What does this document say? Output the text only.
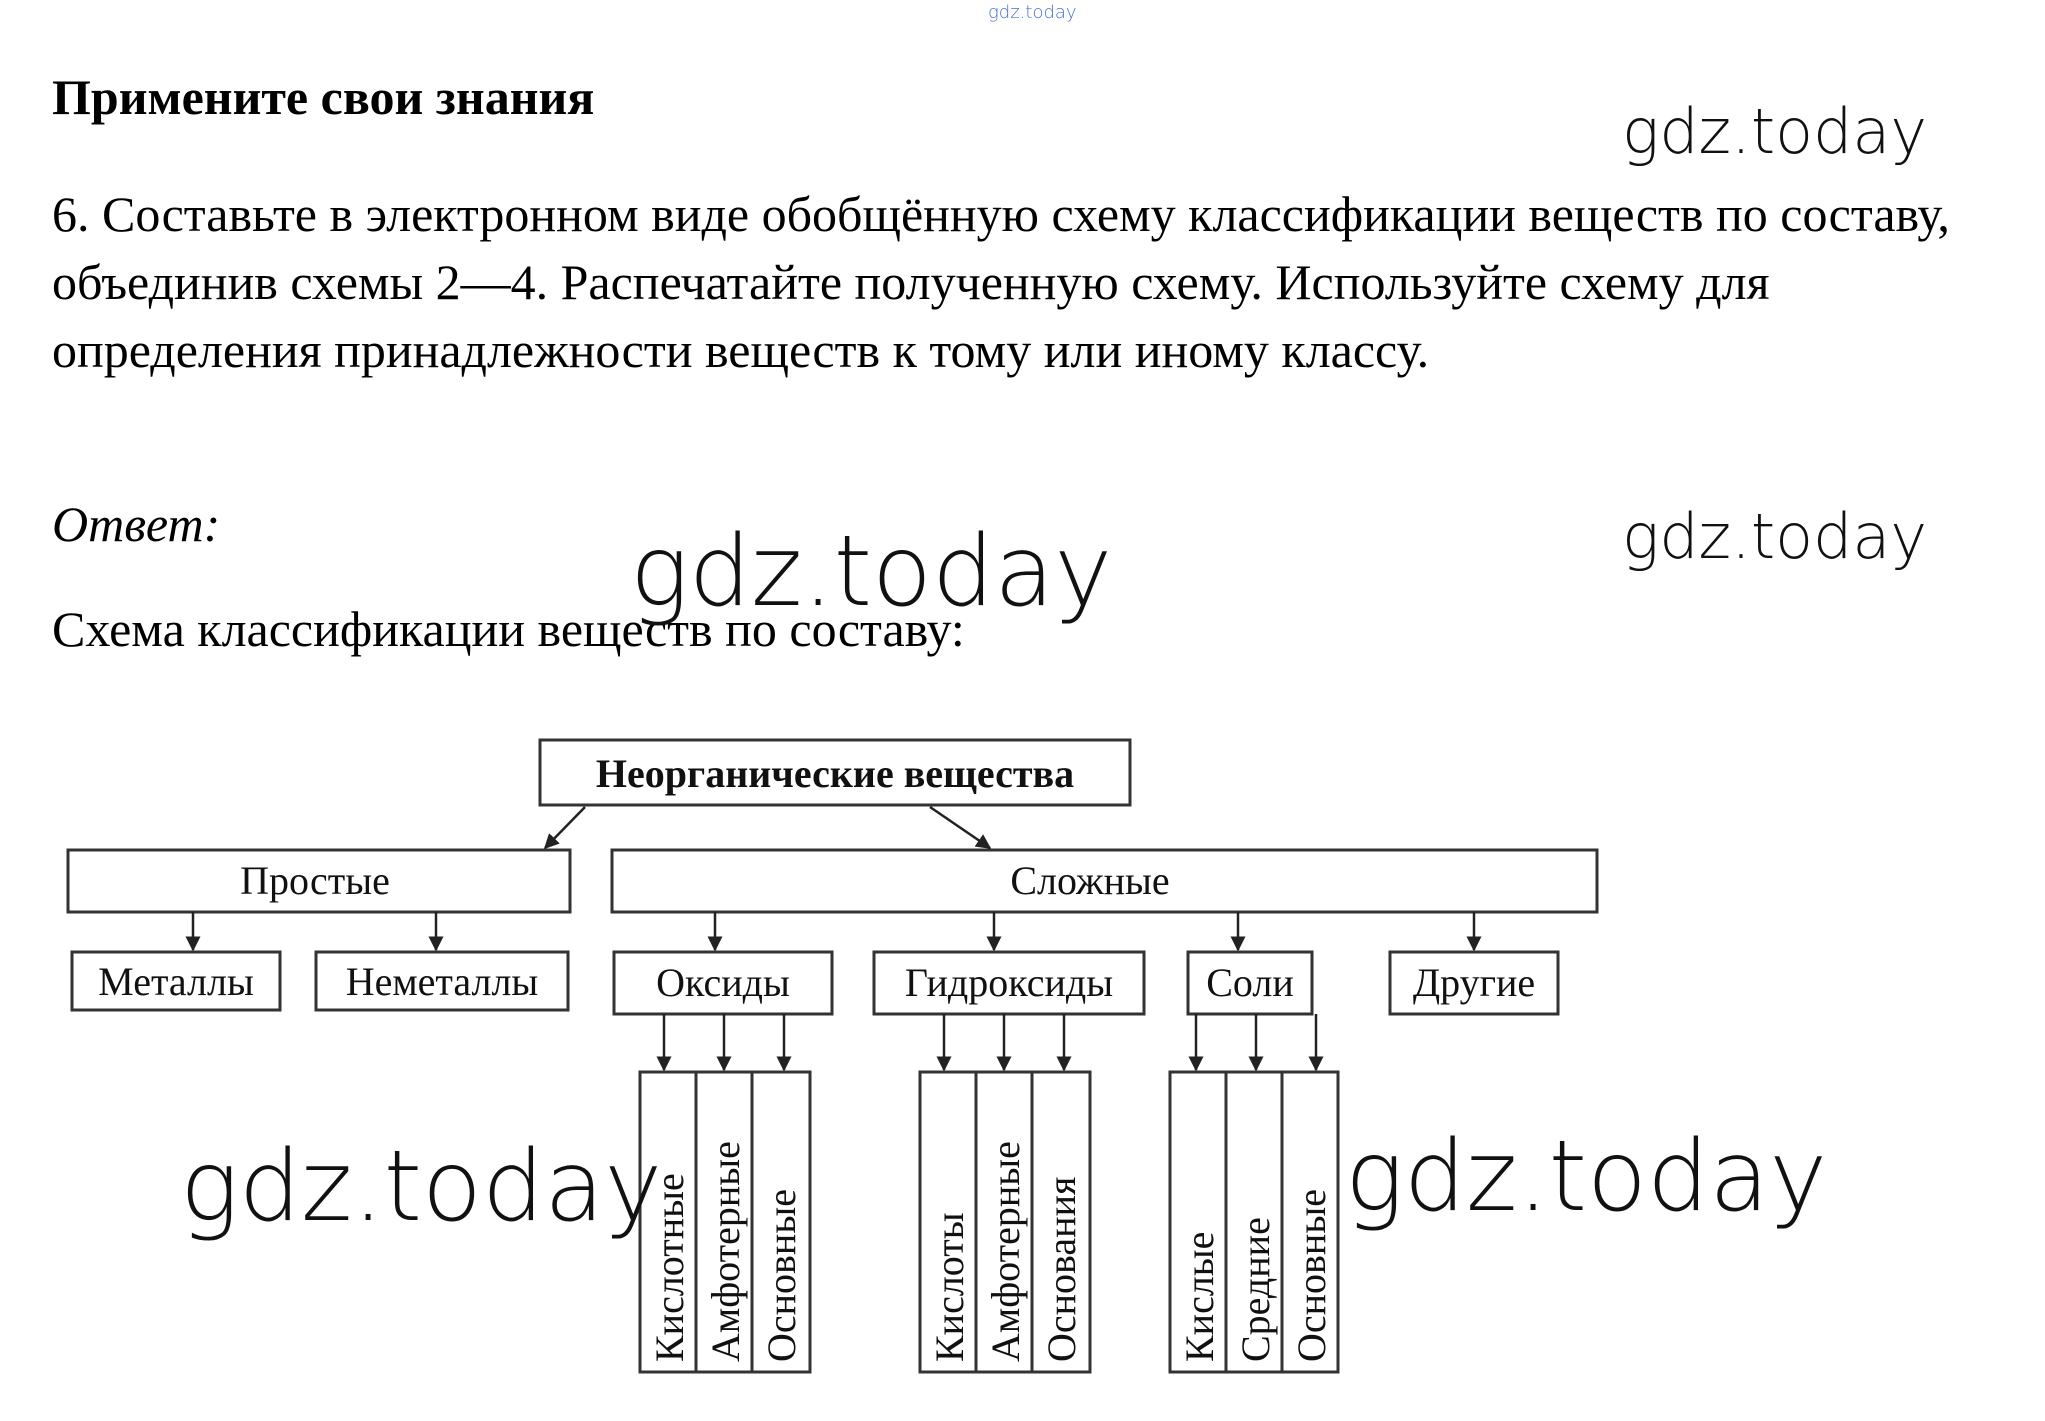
gdz.today
gdz.today
Примените свои знания
6. Составьте в электронном виде обобщённую схему классификации веществ по составу, объединив схемы 2—4. Распечатайте полученную схему. Используйте схему для определения принадлежности веществ к тому или иному классу.
Ответ:
Схема классификации веществ по составу:
Неорганические вещества
Простые	Сложные
Металлы Неметаллы	Оксиды	Гидроксиды Соли	Другие
Кислотные Амфотерные Основные	Кислоты Амфотерные Основания Кислые Средние Основные
gdz.today
gdz.today
gdz.today	gdz.today
